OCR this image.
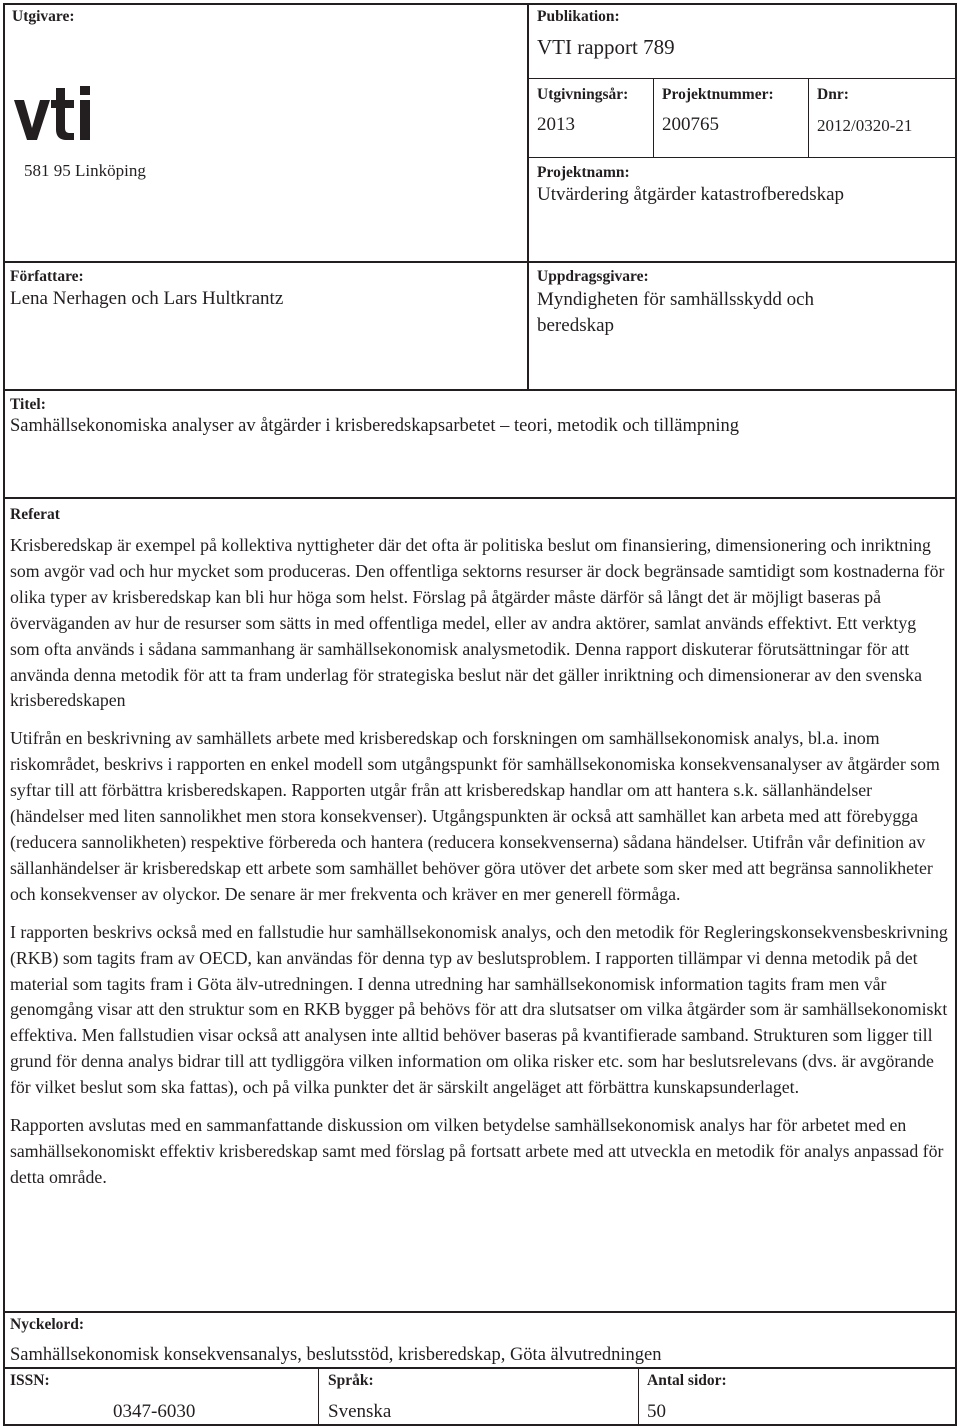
Utgivare:
581 95 Linköping
Publikation:
VTI rapport 789
Utgivningsår:
2013
Projektnummer:
200765
Dnr:
2012/0320-21
Projektnamn:
Utvärdering åtgärder katastrofberedskap
Författare:
Lena Nerhagen och Lars Hultkrantz
Uppdragsgivare:
Myndigheten för samhällsskydd och beredskap
Titel:
Samhällsekonomiska analyser av åtgärder i krisberedskapsarbetet – teori, metodik och tillämpning
Referat

Krisberedskap är exempel på kollektiva nyttigheter där det ofta är politiska beslut om finansiering, dimensionering och inriktning som avgör vad och hur mycket som produceras. Den offentliga sektorns resurser är dock begränsade samtidigt som kostnaderna för olika typer av krisberedskap kan bli hur höga som helst. Förslag på åtgärder måste därför så långt det är möjligt baseras på överväganden av hur de resurser som sätts in med offentliga medel, eller av andra aktörer, samlat används effektivt. Ett verktyg som ofta används i sådana sammanhang är samhällsekonomisk analysmetodik. Denna rapport diskuterar förutsättningar för att använda denna metodik för att ta fram underlag för strategiska beslut när det gäller inriktning och dimensionerar av den svenska krisberedskapen

Utifrån en beskrivning av samhällets arbete med krisberedskap och forskningen om samhällsekonomisk analys, bl.a. inom riskområdet, beskrivs i rapporten en enkel modell som utgångspunkt för samhällsekonomiska konsekvensanalyser av åtgärder som syftar till att förbättra krisberedskapen. Rapporten utgår från att krisberedskap handlar om att hantera s.k. sällanhändelser (händelser med liten sannolikhet men stora konsekvenser). Utgångspunkten är också att samhället kan arbeta med att förebygga (reducera sannolikheten) respektive förbereda och hantera (reducera konsekvenserna) sådana händelser. Utifrån vår definition av sällanhändelser är krisberedskap ett arbete som samhället behöver göra utöver det arbete som sker med att begränsa sannolikheter och konsekvenser av olyckor. De senare är mer frekventa och kräver en mer generell förmåga.

I rapporten beskrivs också med en fallstudie hur samhällsekonomisk analys, och den metodik för Regleringskonsekvensbeskrivning (RKB) som tagits fram av OECD, kan användas för denna typ av beslutsproblem. I rapporten tillämpar vi denna metodik på det material som tagits fram i Göta älv-utredningen. I denna utredning har samhällsekonomisk information tagits fram men vår genomgång visar att den struktur som en RKB bygger på behövs för att dra slutsatser om vilka åtgärder som är samhällsekonomiskt effektiva. Men fallstudien visar också att analysen inte alltid behöver baseras på kvantifierade samband. Strukturen som ligger till grund för denna analys bidrar till att tydliggöra vilken information om olika risker etc. som har beslutsrelevans (dvs. är avgörande för vilket beslut som ska fattas), och på vilka punkter det är särskilt angeläget att förbättra kunskapsunderlaget.

Rapporten avslutas med en sammanfattande diskussion om vilken betydelse samhällsekonomisk analys har för arbetet med en samhällsekonomiskt effektiv krisberedskap samt med förslag på fortsatt arbete med att utveckla en metodik för analys anpassad för detta område.

Nyckelord:
Samhällsekonomisk konsekvensanalys, beslutsstöd, krisberedskap, Göta älvutredningen
ISSN:
0347-6030
Språk:
Svenska
Antal sidor:
50
